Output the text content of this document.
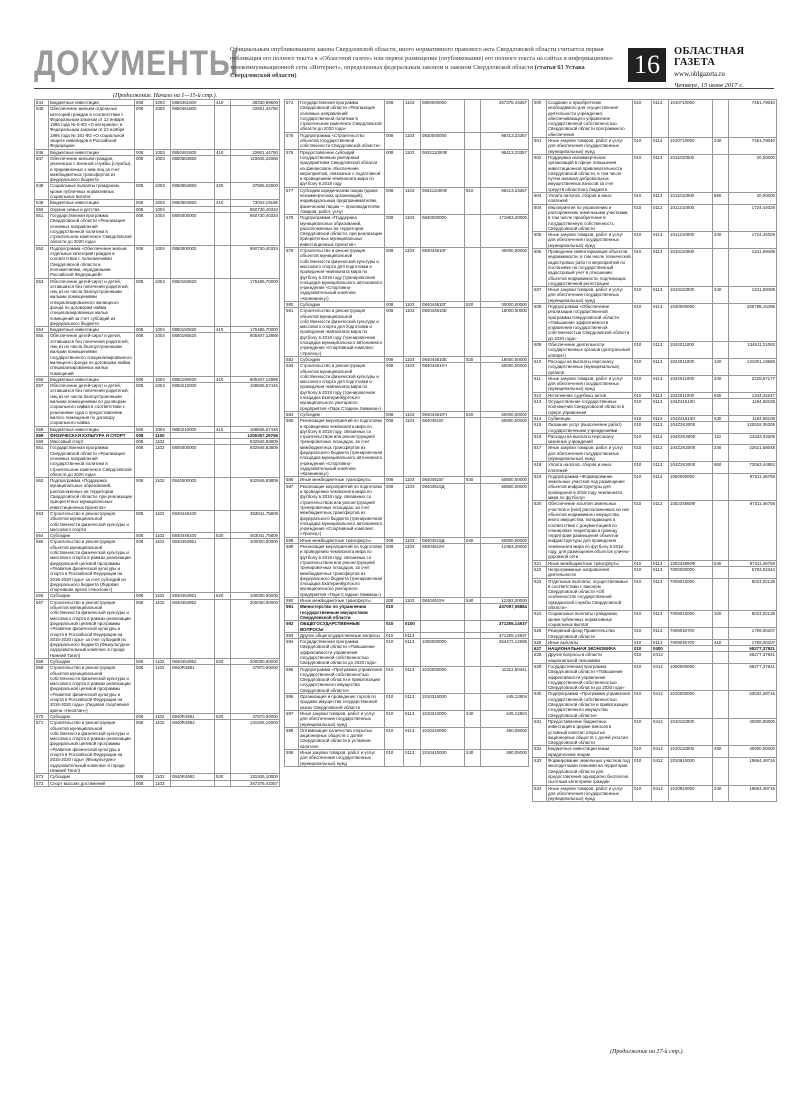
ДОКУМЕНТЫ
Официальным опубликованием закона Свердловской области, иного нормативного правового акта Свердловской области считается первая публикация его полного текста в «Областной газете» или первое размещение (опубликование) его полного текста на сайтах в информационно-телекоммуникационной сети «Интернет», определенных федеральным законом и законом Свердловской области (статья 63 Устава Свердловской области)	16	ОБЛАСТНАЯ ГАЗЕТА
www.oblgazeta.ru
Четверг, 15 июня 2017 г.
(Продолжение. Начало на 1—15-й стр.).
544	Бюджетные инвестиции	008	1003	0850451500	410	39330,99600
545	Обеспечение жильем отдельных категорий граждан в соответствии с Федеральным законом от 12 января 1995 года № 5-ФЗ «О ветеранах» и Федеральным законом от 24 ноября 1995 года № 181-ФЗ «О социальной защите инвалидов в Российской Федерации»	008	1003	0850451600		22601,44760
546	Бюджетные инвестиции	008	1003	0850451600	410	22601,44760
547	Обеспечение жильем граждан, уволенных с военной службы (службы), и приравненных к ним лиц за счет межбюджетных трансфертов из федерального бюджета	008	1003	0850554850		110845,22086
548	Социальные выплаты гражданам, кроме публичных нормативных социальных выплат	008	1003	0850554850	320	37806,02900
549	Бюджетные инвестиции	008	1003	0850554850	410	73043,19186
550	Охрана семьи и детства	008	1004			950730,40334
551	Государственная программа Свердловской области «Реализация основных направлений государственной политики в строительном комплексе Свердловской области до 2020 года»	008	1004	0800000000		950730,40334
552	Подпрограмма «Обеспечение жилым отдельных категорий граждан в соответствии с полномочиями Свердловской области и полномочиями, переданными Российской Федерацией»	008	1004	0850000000		950730,40334
553	Обеспечение детей-сирот и детей, оставшихся без попечения родителей, лиц из их числа благоустроенными жилыми помещениями специализированного жилищного фонда по договорам найма специализированных жилых помещений за счет субсидий из федерального бюджета	008	1004	0850150820		175486,70000
554	Бюджетные инвестиции	008	1004	0850150820	410	175486,70000
555	Обеспечение детей-сирот и детей, оставшихся без попечения родителей, лиц из их числа благоустроенными жилыми помещениями государственного специализированного жилищного фонда по договорам найма специализированных жилых помещений	008	1004	0850190820		605407,12888
556	Бюджетные инвестиции	008	1004	0850190820	410	605407,12888
557	Обеспечение детей-сирот и детей, оставшихся без попечения родителей, лиц из их числа благоустроенными жилыми помещениями по договорам социального найма в соответствии с решениями суда о предоставлении жилого помещения по договору социального найма	008	1004	0850210000		169836,57446
558	Бюджетные инвестиции	008	1004	0850210000	410	169836,57446
559	ФИЗИЧЕСКАЯ КУЛЬТУРА И СПОРТ	008	1100			1200357,29766
560	Массовый спорт	008	1102			932946,83809
561	Государственная программа Свердловской области «Реализация основных направлений государственной политики в строительном комплексе Свердловской области до 2020 года»	008	1102	0800000000		932946,83809
562	Подпрограмма «Поддержка муниципальных образований, расположенных на территории Свердловской области, при реализации приоритетных муниципальных инвестиционных проектов»	008	1102	0840000000		932946,83809
563	Строительство и реконструкция объектов муниципальной собственности физической культуры и массового спорта	008	1102	0840448100		453041,75809
564	Субсидии	008	1102	0840448100	520	453041,75809
565	Строительство и реконструкция объектов муниципальной собственности физической культуры и массового спорта в рамках реализации федеральной целевой программы «Развитие физической культуры и спорта в Российской Федерации на 2016-2020 годы» за счет субсидий из федерального бюджета (Ледовая спортивная арена «Неоплан»)	008	1102	0840454951		100000,00000
566	Субсидии	008	1102	0840454951	520	100000,00000
567	Строительство и реконструкция объектов муниципальной собственности физической культуры и массового спорта в рамках реализации федеральной целевой программы «Развитие физической культуры и спорта в Российской Федерации на 2016-2020 годы» за счет субсидий из федерального бюджета (Физкультурно-оздоровительный комплекс в городе Нижний Тагил)	008	1102	0840454952		200000,00000
568	Субсидии	008	1102	0840454952	520	200000,00000
569	Строительство и реконструкция объектов муниципальной собственности физической культуры и массового спорта в рамках реализации федеральной целевой программы «Развитие физической культуры и спорта в Российской Федерации на 2016-2020 годы» (Ледовая спортивная арена «Неоплан»)	008	1102	0840R4951		47970,00000
570	Субсидии	008	1102	0840R4951	520	47970,00000
571	Строительство и реконструкция объектов муниципальной собственности физической культуры и массового спорта в рамках реализации федеральной целевой программы «Развитие физической культуры и спорта в Российской Федерации на 2016-2020 годы» (Физкультурно-оздоровительный комплекс в городе Нижний Тагил)	008	1102	0840R4952		131935,10000
572	Субсидии	008	1102	0840R4952	520	131935,10000
573	Спорт высших достижений	008	1103			267376,43357
574	Государственная программа Свердловской области «Реализация основных направлений государственной политики в строительном комплексе Свердловской области до 2020 года»	008	1103	0800000000		267376,43357
575	Подпрограмма «Строительство объектов государственной собственности Свердловской области»	008	1103	0830000000		95413,23357
576	Предоставление субсидий государственным унитарным предприятиям Свердловской области на финансовое обеспечение мероприятий, связанных с подготовкой и проведением чемпионата мира по футболу в 2018 году	008	1103	083211000Ф		95413,23357
577	Субсидии юридическим лицам (кроме некоммерческих организаций), индивидуальным предпринимателям, физическим лицам — производителям товаров, работ, услуг	008	1103	083211000Ф	810	95413,23357
578	Подпрограмма «Поддержка муниципальных образований, расположенных на территории Свердловской области, при реализации приоритетных муниципальных инвестиционных проектов»	008	1103	0840000000		171963,20000
579	Строительство и реконструкция объектов муниципальной собственности физической культуры и массового спорта для подготовки и проведения чемпионата мира по футболу в 2018 году (тренировочная площадка муниципального автономного учреждения «Спортивно-оздоровительный комплекс «Калининец»)	008	1103	084044810Г		30000,00000
580	Субсидии	008	1103	084044810Г	520	30000,00000
581	Строительство и реконструкция объектов муниципальной собственности физической культуры и массового спорта для подготовки и проведения чемпионата мира по футболу в 2018 году (тренировочная площадка муниципального автономного учреждения «Спортивный комплекс «Уралец»)	008	1103	084044810Е		18000,00000
582	Субсидии	008	1103	084044810Е	520	18000,00000
583	Строительство и реконструкция объектов муниципальной собственности физической культуры и массового спорта для подготовки и проведения чемпионата мира по футболу в 2018 году (тренировочная площадка Екатеринбургского муниципального унитарного предприятия «Парк Стадион Химмаш»)	008	1103	084044810Ч		50000,00000
584	Субсидии	008	1103	084044810Ч	520	50000,00000
585	Реализация мероприятий по подготовке и проведению чемпионата мира по футболу в 2018 году, связанных со строительством или реконструкцией тренировочных площадок, за счет межбюджетных трансфертов из федерального бюджета (тренировочная площадка муниципального автономного учреждения «Спортивно-оздоровительный комплекс «Калининец»)	008	1103	08404515Г		50800,00000
586	Иные межбюджетные трансферты	008	1103	08404515Г	540	50800,00000
587	Реализация мероприятий по подготовке и проведению чемпионата мира по футболу в 2018 году, связанных со строительством или реконструкцией тренировочных площадок, за счет межбюджетных трансфертов из федерального бюджета (тренировочная площадка муниципального автономного учреждения «Спортивный комплекс «Уралец»)	008	1103	08404515Д		50800,00000
588	Иные межбюджетные трансферты	008	1103	08404515Д	540	50800,00000
589	Реализация мероприятий по подготовке и проведению чемпионата мира по футболу в 2018 году, связанных со строительством или реконструкцией тренировочных площадок, за счет межбюджетных трансфертов из федерального бюджета (тренировочная площадка Екатеринбургского муниципального унитарного предприятия «Парк Стадион Химмаш»)	008	1103	08404515Ч		12363,20000
590	Иные межбюджетные трансферты	008	1103	08404515Ч	540	12363,20000
591	Министерство по управлению государственным имуществом Свердловской области	010				437097,05884
592	ОБЩЕГОСУДАРСТВЕННЫЕ ВОПРОСЫ	010	0100			371255,14937
593	Другие общегосударственные вопросы	010	0113			371255,14937
594	Государственная программа Свердловской области «Повышение эффективности управления государственной собственностью Свердловской области до 2020 года»	010	0113	1000000000		364472,12595
595	Подпрограмма «Программа управления государственной собственностью Свердловской области и приватизации государственного имущества Свердловской области»	010	0113	1010000000		11312,50341
596	Организация и проведение торгов по продаже имущества государственной казны Свердловской области	010	0113	1010310000		445,12804
597	Иные закупки товаров, работ и услуг для обеспечения государственных (муниципальных) нужд	010	0113	1010310000	240	445,12804
598	Оптимизация количества открытых акционерных обществ с долей Свердловской области в уставном капитале	010	0113	1010410000		480,05000
599	Иные закупки товаров, работ и услуг для обеспечения государственных (муниципальных) нужд	010	0113	1010410000	240	480,05000
600	Создание и приобретение необходимого для осуществления деятельности учреждения, обеспечивающего управление государственной собственностью Свердловской области программного обеспечения	010	0113	1010710000		7461,79040
601	Иные закупки товаров, работ и услуг для обеспечения государственных (муниципальных) нужд	010	0113	1010710000	240	7461,79040
602	Поддержка некоммерческих организаций в сфере повышения инвестиционной привлекательности Свердловской области, в том числе путем анализа добровольных имущественных взносов за счет средств областного бюджета	010	0113	1011010000		20,00000
603	Уплата налогов, сборов и иных платежей	010	0113	1011010000	850	20,00000
604	Мероприятия по управлению и распоряжению земельными участками, в том числе приобретение в государственную собственность Свердловской области	010	0113	1011210000		1724,44029
605	Иные закупки товаров, работ и услуг для обеспечения государственных (муниципальных) нужд	010	0113	1011210000	240	1724,44029
606	Проведение инвентаризации объектов недвижимости, в том числе технической кадастровых работ и мероприятий по постановке на государственный кадастровый учет в отношении объектов недвижимости, подлежащих государственной регистрации	010	0113	1018110000		1241,09408
607	Иные закупки товаров, работ и услуг для обеспечения государственных (муниципальных) нужд	010	0113	1018110000	240	1241,09408
608	Подпрограмма «Обеспечение реализации государственной программы Свердловской области «Повышение эффективности управления государственной собственностью Свердловской области до 2020 года»	010	0113	1040000000		255788,15495
609	Обеспечение деятельности государственных органов (центральный аппарат)	010	0113	1042011000		134511,21083
610	Расходы на выплаты персоналу государственных (муниципальных) органов	010	0113	1042011000	120	131001,19659
611	Иные закупки товаров, работ и услуг для обеспечения государственных (муниципальных) нужд	010	0113	1042011000	240	2229,67177
612	Исполнение судебных актов	010	0113	1042011000	830	1344,34247
613	Осуществление государственных полномочий Свердловской области в сфере управления	010	0113	104Z416100		1194,58106
614	Субвенции	010	0113	104Z416100	530	1194,58106
615	Оказание услуг (выполнение работ) государственными учреждениями	010	0113	104Z2K3000		120018,36306
616	Расходы на выплаты персоналу казенных учреждений	010	0113	104Z2K3000	110	24333,33305
617	Иные закупки товаров, работ и услуг для обеспечения государственных (муниципальных) нужд	010	0113	104Z2K3000	240	22621,58048
618	Уплата налогов, сборов и иных платежей	010	0113	104Z2K3000	850	73063,44953
619	Подпрограмма «Формирование земельных участков под размещение объектов инфраструктуры для проведения в 2018 году чемпионата мира по футболу»	010	0113	1050000000		97311,46759
620	Обеспечение изъятия земельных участков и (или) расположенных на них объектов недвижимого имущества, иного имущества, попадающих в соответствии с документацией по планировке территории в границу территории размещения объектов инфраструктуры для проведения чемпионата мира по футболу в 2018 году, для размещения объектов улично-дорожной сети	010	0113	105234860Ф		97311,46759
621	Иные межбюджетные трансферты	010	0113	105234860Ф	540	97311,46759
622	Непрограммные направления деятельности	010	0113	7000000000		6783,02342
623	Отдельные выплаты, осуществляемые в соответствии с Законом Свердловской области «Об особенностях государственной гражданской службы Свердловской области»	010	0113	7009010000		5024,02135
624	Социальные выплаты гражданам, кроме публичных нормативных социальных выплат	010	0113	7009010000	320	5024,02135
625	Резервный фонд Правительства Свердловской области	010	0113	7009040700		1759,00207
626	Иные выплаты	010	0113	7009040700	410	1759,00207
627	НАЦИОНАЛЬНАЯ ЭКОНОМИКА	010	0400			65277,37921
628	Другие вопросы в области национальной экономики	010	0412			65277,37921
629	Государственная программа Свердловской области «Повышение эффективности управления государственной собственностью Свердловской области до 2020 года»	010	0412	1000000000		65277,37921
630	Подпрограмма «Программа управления государственной собственностью Свердловской области и приватизации государственного имущества Свердловской области»	010	0412	1010000000		63032,28716
631	Предоставление бюджетных инвестиций в форме взносов в уставный капитал открытых акционерных обществ с долей участия Свердловской области	010	0412	1010110000		40000,00000
632	Бюджетные инвестиции иным юридическим лицам	010	0412	1010110000	450	40000,00000
633	Формирование земельных участков под многодетными семьями на территории Свердловской области для предоставления однократно бесплатно льготным категориям граждан	010	0412	1010910000		19664,48716
634	Иные закупки товаров, работ и услуг для обеспечения государственных (муниципальных) нужд	010	0412	1010910000	240	19664,48716
(Продолжение на 17-й стр.).
